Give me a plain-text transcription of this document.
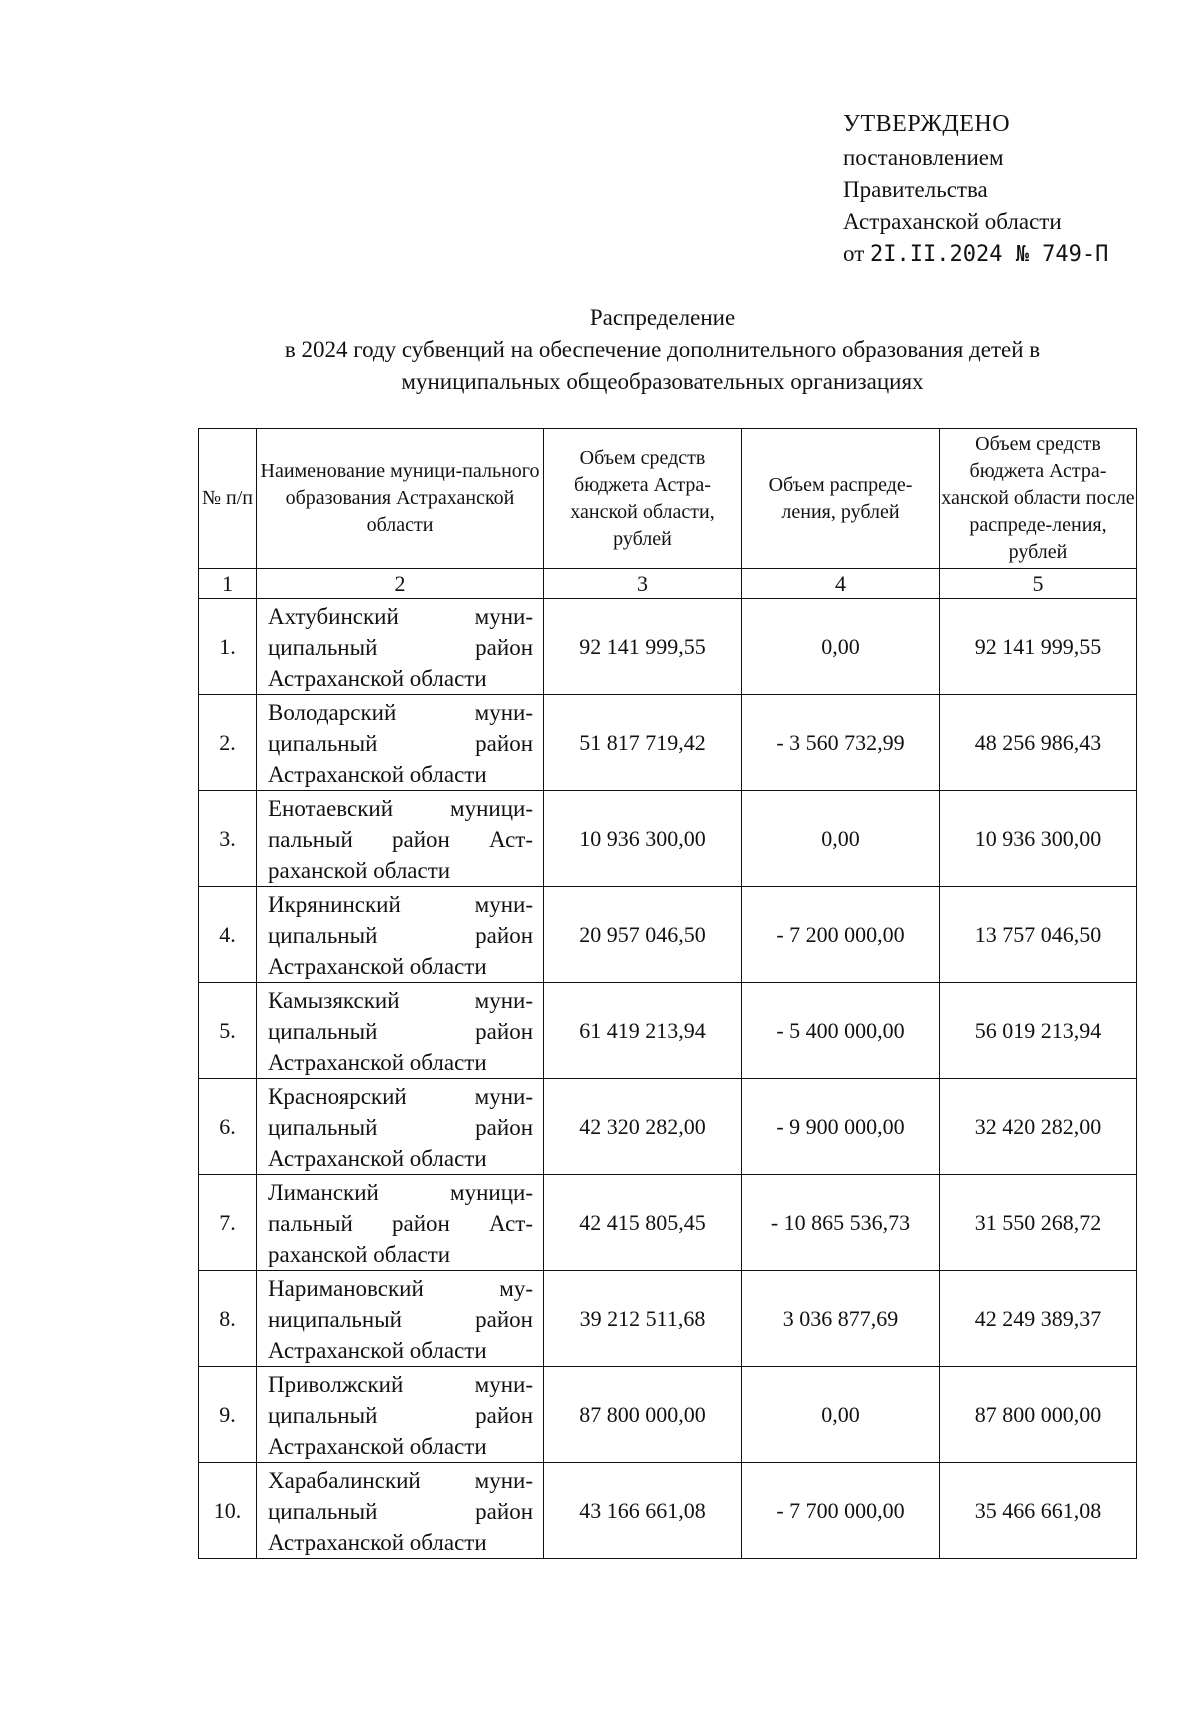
УТВЕРЖДЕНО
постановлением
Правительства
Астраханской области
от 2I.II.2024 № 749-П
Распределение
в 2024 году субвенций на обеспечение дополнительного образования детей в
муниципальных общеобразовательных организациях
№ п/п	Наименование муници-пального образования Астраханской области	Объем средств бюджета Астра-ханской области, рублей	Объем распреде-ления, рублей	Объем средств бюджета Астра-ханской области после распреде-ления, рублей
1	2	3	4	5
1.	Ахтубинский муни-ципальный район Астраханской области	92 141 999,55	0,00	92 141 999,55
2.	Володарский муни-ципальный район Астраханской области	51 817 719,42	- 3 560 732,99	48 256 986,43
3.	Енотаевский муници-пальный район Аст-раханской области	10 936 300,00	0,00	10 936 300,00
4.	Икрянинский муни-ципальный район Астраханской области	20 957 046,50	- 7 200 000,00	13 757 046,50
5.	Камызякский муни-ципальный район Астраханской области	61 419 213,94	- 5 400 000,00	56 019 213,94
6.	Красноярский муни-ципальный район Астраханской области	42 320 282,00	- 9 900 000,00	32 420 282,00
7.	Лиманский муници-пальный район Аст-раханской области	42 415 805,45	- 10 865 536,73	31 550 268,72
8.	Наримановский му-ниципальный район Астраханской области	39 212 511,68	3 036 877,69	42 249 389,37
9.	Приволжский муни-ципальный район Астраханской области	87 800 000,00	0,00	87 800 000,00
10.	Харабалинский муни-ципальный район Астраханской области	43 166 661,08	- 7 700 000,00	35 466 661,08
